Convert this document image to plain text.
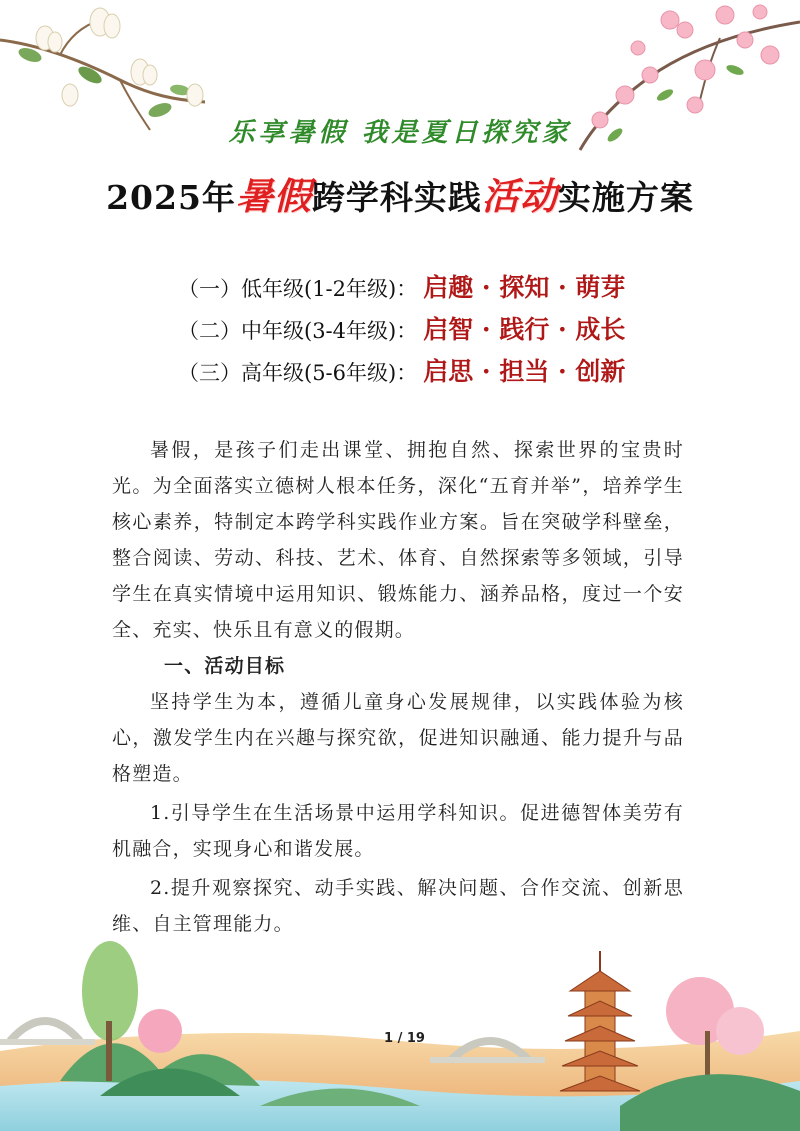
乐享暑假 我是夏日探究家
2025年暑假跨学科实践活动实施方案
（一）低年级(1-2年级)： 启趣 · 探知 · 萌芽
（二）中年级(3-4年级)： 启智 · 践行 · 成长
（三）高年级(5-6年级)： 启思 · 担当 · 创新

暑假，是孩子们走出课堂、拥抱自然、探索世界的宝贵时光。为全面落实立德树人根本任务，深化“五育并举”，培养学生核心素养，特制定本跨学科实践作业方案。旨在突破学科壁垒，整合阅读、劳动、科技、艺术、体育、自然探索等多领域，引导学生在真实情境中运用知识、锻炼能力、涵养品格，度过一个安全、充实、快乐且有意义的假期。

一、活动目标

坚持学生为本，遵循儿童身心发展规律，以实践体验为核心，激发学生内在兴趣与探究欲，促进知识融通、能力提升与品格塑造。

1.引导学生在生活场景中运用学科知识。促进德智体美劳有机融合，实现身心和谐发展。

2.提升观察探究、动手实践、解决问题、合作交流、创新思维、自主管理能力。

1 / 19
